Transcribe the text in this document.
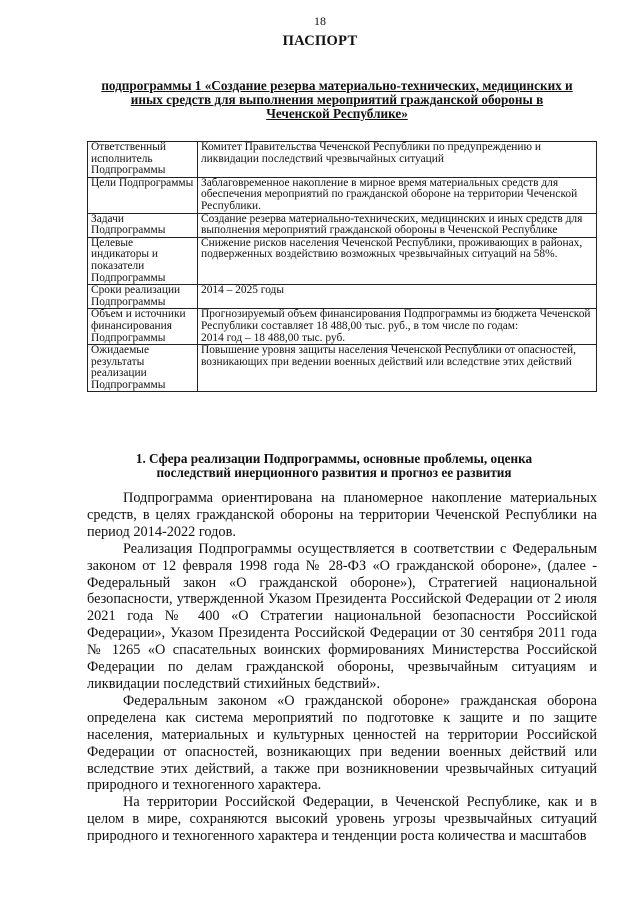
18
ПАСПОРТ
подпрограммы 1 «Создание резерва материально-технических, медицинских и иных средств для выполнения мероприятий гражданской обороны в Чеченской Республике»
Ответственный исполнитель Подпрограммы	Комитет Правительства Чеченской Республики по предупреждению и ликвидации последствий чрезвычайных ситуаций

Цели Подпрограммы	Заблаговременное накопление в мирное время материальных средств для обеспечения мероприятий по гражданской обороне на территории Чеченской Республики.

Задачи Подпрограммы	Создание резерва материально-технических, медицинских и иных средств для выполнения мероприятий гражданской обороны в Чеченской Республике

Целевые индикаторы и показатели Подпрограммы	Снижение рисков населения Чеченской Республики, проживающих в районах, подверженных воздействию возможных чрезвычайных ситуаций на 58%.

Сроки реализации Подпрограммы	2014 – 2025 годы

Объем и источники финансирования Подпрограммы	Прогнозируемый объем финансирования Подпрограммы из бюджета Чеченской Республики составляет 18 488,00 тыс. руб., в том числе по годам:
2014 год – 18 488,00 тыс. руб.

Ожидаемые результаты реализации Подпрограммы	Повышение уровня защиты населения Чеченской Республики от опасностей, возникающих при ведении военных действий или вследствие этих действий
1. Сфера реализации Подпрограммы, основные проблемы, оценка последствий инерционного развития и прогноз ее развития

Подпрограмма ориентирована на планомерное накопление материальных средств, в целях гражданской обороны на территории Чеченской Республики на период 2014-2022 годов.

Реализация Подпрограммы осуществляется в соответствии с Федеральным законом от 12 февраля 1998 года № 28-ФЗ «О гражданской обороне», (далее - Федеральный закон «О гражданской обороне»), Стратегией национальной безопасности, утвержденной Указом Президента Российской Федерации от 2 июля 2021 года № 400 «О Стратегии национальной безопасности Российской Федерации», Указом Президента Российской Федерации от 30 сентября 2011 года № 1265 «О спасательных воинских формированиях Министерства Российской Федерации по делам гражданской обороны, чрезвычайным ситуациям и ликвидации последствий стихийных бедствий».

Федеральным законом «О гражданской обороне» гражданская оборона определена как система мероприятий по подготовке к защите и по защите населения, материальных и культурных ценностей на территории Российской Федерации от опасностей, возникающих при ведении военных действий или вследствие этих действий, а также при возникновении чрезвычайных ситуаций природного и техногенного характера.

На территории Российской Федерации, в Чеченской Республике, как и в целом в мире, сохраняются высокий уровень угрозы чрезвычайных ситуаций природного и техногенного характера и тенденции роста количества и масштабов
